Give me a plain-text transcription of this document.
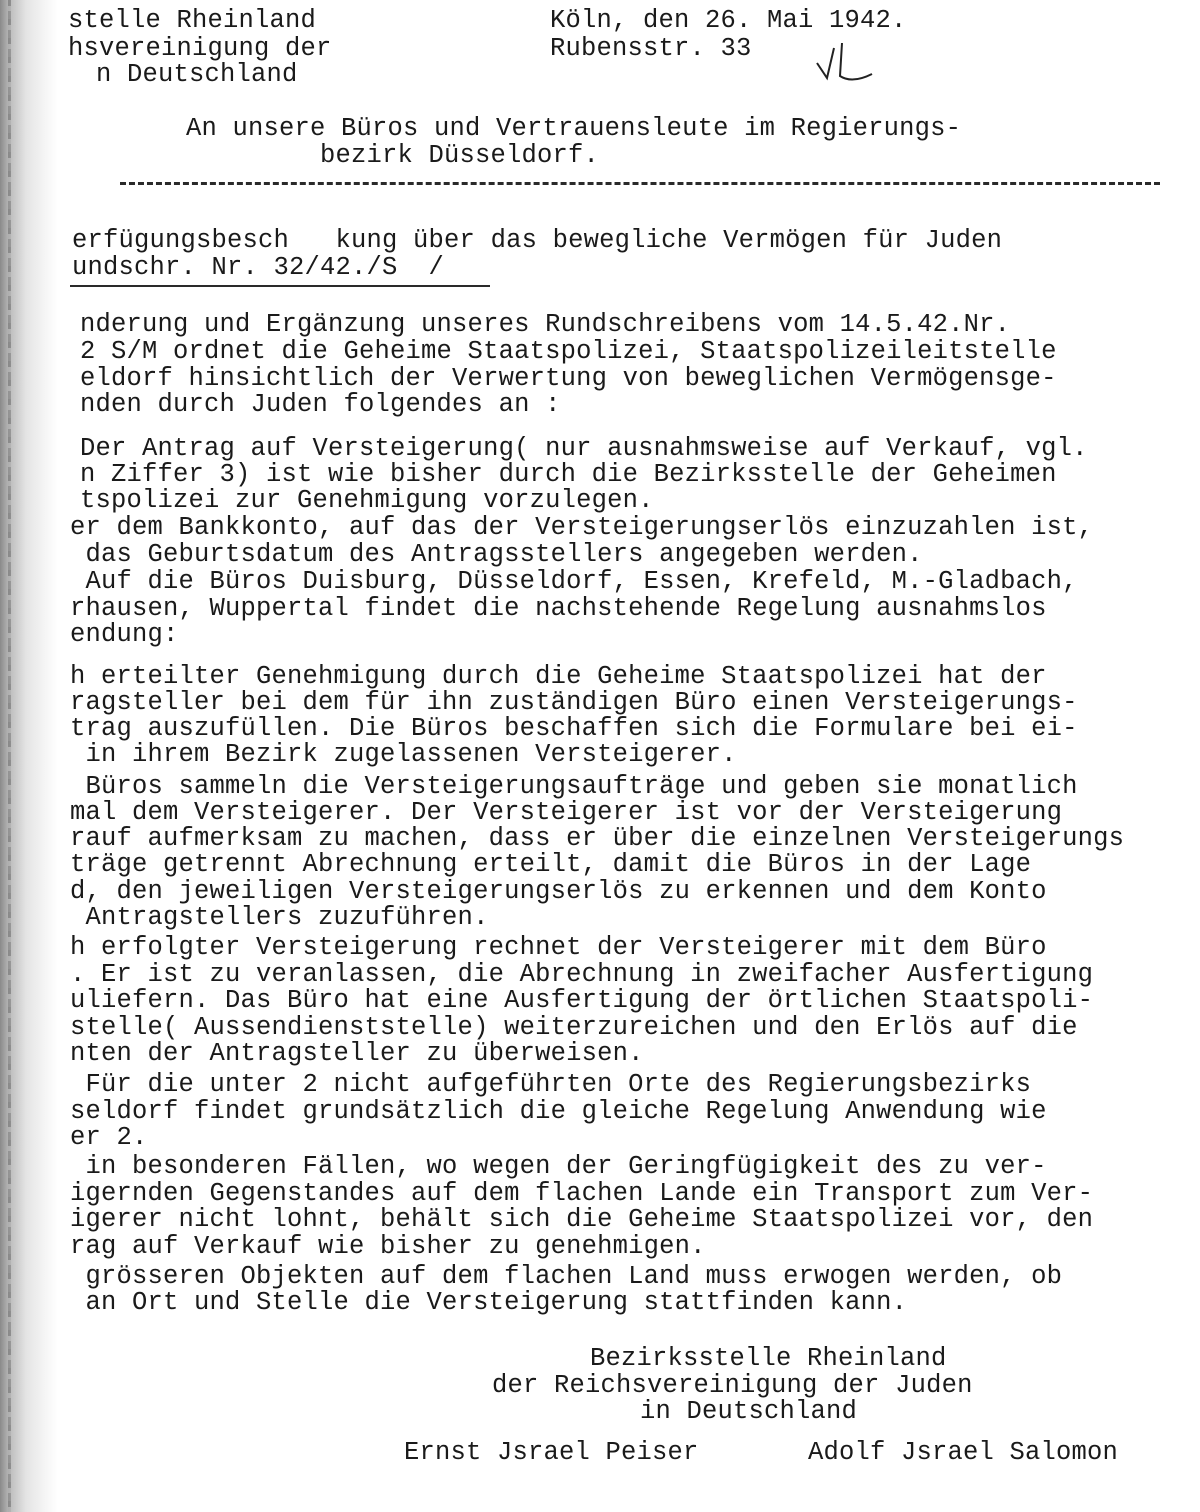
stelle Rheinland
hsvereinigung der
n Deutschland
Köln, den 26. Mai 1942.
Rubensstr. 33
An unsere Büros und Vertrauensleute im Regierungs-
bezirk Düsseldorf.
erfügungsbesch   kung über das bewegliche Vermögen für Juden
undschr. Nr. 32/42./S  /
nderung und Ergänzung unseres Rundschreibens vom 14.5.42.Nr.
2 S/M ordnet die Geheime Staatspolizei, Staatspolizeileitstelle
eldorf hinsichtlich der Verwertung von beweglichen Vermögensge-
nden durch Juden folgendes an :
Der Antrag auf Versteigerung( nur ausnahmsweise auf Verkauf, vgl.
n Ziffer 3) ist wie bisher durch die Bezirksstelle der Geheimen
tspolizei zur Genehmigung vorzulegen.
er dem Bankkonto, auf das der Versteigerungserlös einzuzahlen ist,
das Geburtsdatum des Antragsstellers angegeben werden.
Auf die Büros Duisburg, Düsseldorf, Essen, Krefeld, M.-Gladbach,
rhausen, Wuppertal findet die nachstehende Regelung ausnahmslos
endung:
h erteilter Genehmigung durch die Geheime Staatspolizei hat der
ragsteller bei dem für ihn zuständigen Büro einen Versteigerungs-
trag auszufüllen. Die Büros beschaffen sich die Formulare bei ei-
in ihrem Bezirk zugelassenen Versteigerer.
Büros sammeln die Versteigerungsaufträge und geben sie monatlich
mal dem Versteigerer. Der Versteigerer ist vor der Versteigerung
rauf aufmerksam zu machen, dass er über die einzelnen Versteigerungs
träge getrennt Abrechnung erteilt, damit die Büros in der Lage
d, den jeweiligen Versteigerungserlös zu erkennen und dem Konto
Antragstellers zuzuführen.
h erfolgter Versteigerung rechnet der Versteigerer mit dem Büro
. Er ist zu veranlassen, die Abrechnung in zweifacher Ausfertigung
uliefern. Das Büro hat eine Ausfertigung der örtlichen Staatspoli-
stelle( Aussendienststelle) weiterzureichen und den Erlös auf die
nten der Antragsteller zu überweisen.
Für die unter 2 nicht aufgeführten Orte des Regierungsbezirks
seldorf findet grundsätzlich die gleiche Regelung Anwendung wie
er 2.
in besonderen Fällen, wo wegen der Geringfügigkeit des zu ver-
igernden Gegenstandes auf dem flachen Lande ein Transport zum Ver-
igerer nicht lohnt, behält sich die Geheime Staatspolizei vor, den
rag auf Verkauf wie bisher zu genehmigen.
grösseren Objekten auf dem flachen Land muss erwogen werden, ob
an Ort und Stelle die Versteigerung stattfinden kann.
Bezirksstelle Rheinland
der Reichsvereinigung der Juden
in Deutschland
Ernst Jsrael Peiser	Adolf Jsrael Salomon
